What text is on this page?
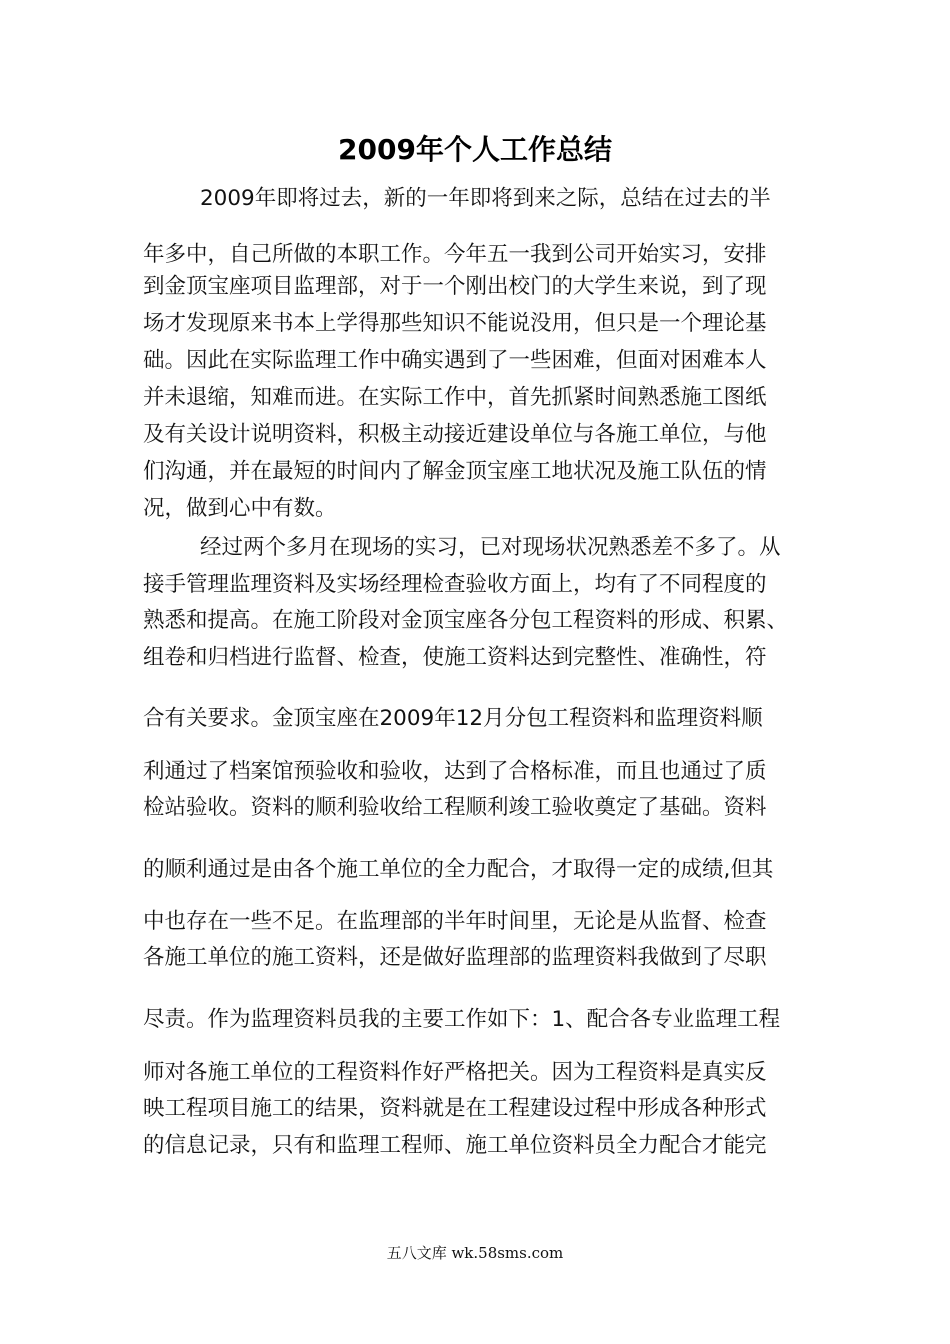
2009年个人工作总结
2009年即将过去，新的一年即将到来之际，总结在过去的半
年多中，自己所做的本职工作。今年五一我到公司开始实习，安排
到金顶宝座项目监理部，对于一个刚出校门的大学生来说，到了现
场才发现原来书本上学得那些知识不能说没用，但只是一个理论基
础。因此在实际监理工作中确实遇到了一些困难，但面对困难本人
并未退缩，知难而进。在实际工作中，首先抓紧时间熟悉施工图纸
及有关设计说明资料，积极主动接近建设单位与各施工单位，与他
们沟通，并在最短的时间内了解金顶宝座工地状况及施工队伍的情
况，做到心中有数。
经过两个多月在现场的实习，已对现场状况熟悉差不多了。从
接手管理监理资料及实场经理检查验收方面上，均有了不同程度的
熟悉和提高。在施工阶段对金顶宝座各分包工程资料的形成、积累、
组卷和归档进行监督、检查，使施工资料达到完整性、准确性，符
合有关要求。金顶宝座在2009年12月分包工程资料和监理资料顺
利通过了档案馆预验收和验收，达到了合格标准，而且也通过了质
检站验收。资料的顺利验收给工程顺利竣工验收奠定了基础。资料
的顺利通过是由各个施工单位的全力配合，才取得一定的成绩,但其
中也存在一些不足。在监理部的半年时间里，无论是从监督、检查
各施工单位的施工资料，还是做好监理部的监理资料我做到了尽职
尽责。作为监理资料员我的主要工作如下：1、配合各专业监理工程
师对各施工单位的工程资料作好严格把关。因为工程资料是真实反
映工程项目施工的结果，资料就是在工程建设过程中形成各种形式
的信息记录，只有和监理工程师、施工单位资料员全力配合才能完
五八文库 wk.58sms.com
